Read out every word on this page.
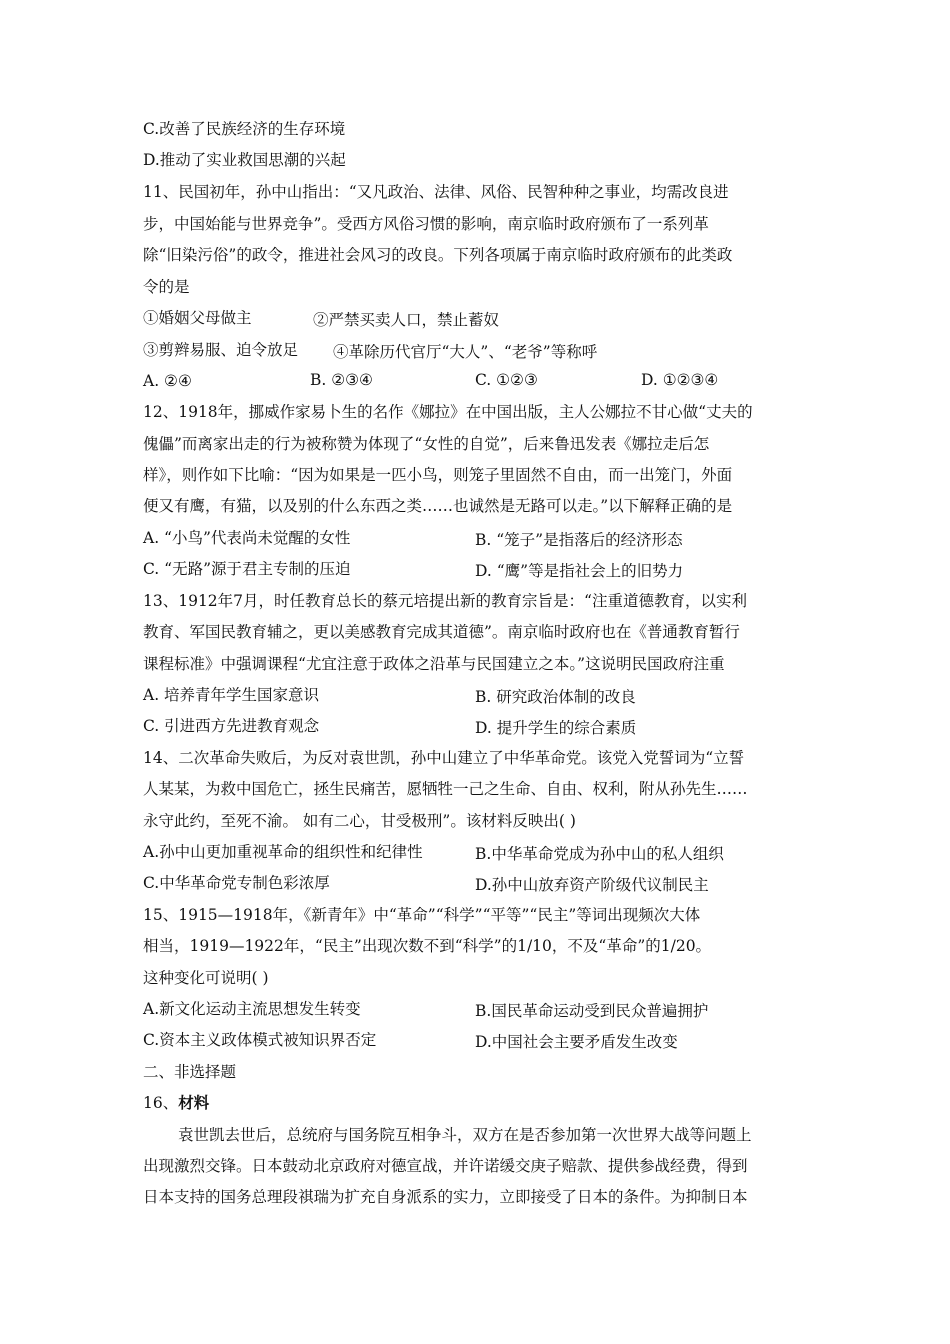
C.改善了民族经济的生存环境
D.推动了实业救国思潮的兴起
11、民国初年，孙中山指出：“又凡政治、法律、风俗、民智种种之事业，均需改良进
步，中国始能与世界竞争”。受西方风俗习惯的影响，南京临时政府颁布了一系列革
除“旧染污俗”的政令，推进社会风习的改良。下列各项属于南京临时政府颁布的此类政
令的是
①婚姻父母做主	②严禁买卖人口，禁止蓄奴
③剪辫易服、迫令放足 ④革除历代官厅“大人”、“老爷”等称呼
A. ②④	B. ②③④	C. ①②③	D. ①②③④
12、1918年，挪威作家易卜生的名作《娜拉》在中国出版，主人公娜拉不甘心做“丈夫的
傀儡”而离家出走的行为被称赞为体现了“女性的自觉”，后来鲁迅发表《娜拉走后怎
样》，则作如下比喻：“因为如果是一匹小鸟，则笼子里固然不自由，而一出笼门，外面
便又有鹰，有猫，以及别的什么东西之类……也诚然是无路可以走。”以下解释正确的是
A. “小鸟”代表尚未觉醒的女性	B. “笼子”是指落后的经济形态
C. “无路”源于君主专制的压迫	D. “鹰”等是指社会上的旧势力
13、1912年7月，时任教育总长的蔡元培提出新的教育宗旨是：“注重道德教育，以实利
教育、军国民教育辅之，更以美感教育完成其道德”。南京临时政府也在《普通教育暂行
课程标准》中强调课程“尤宜注意于政体之沿革与民国建立之本。”这说明民国政府注重
A. 培养青年学生国家意识	B. 研究政治体制的改良
C. 引进西方先进教育观念	D. 提升学生的综合素质
14、二次革命失败后，为反对袁世凯，孙中山建立了中华革命党。该党入党誓词为“立誓
人某某，为救中国危亡，拯生民痛苦，愿牺牲一己之生命、自由、权利，附从孙先生……
永守此约，至死不渝。 如有二心，甘受极刑”。该材料反映出( )
A.孙中山更加重视革命的组织性和纪律性	B.中华革命党成为孙中山的私人组织
C.中华革命党专制色彩浓厚	D.孙中山放弃资产阶级代议制民主
15、1915—1918年，《新青年》中“革命”“科学”“平等”“民主”等词出现频次大体
相当，1919—1922年，“民主”出现次数不到“科学”的1/10，不及“革命”的1/20。
这种变化可说明( )
A.新文化运动主流思想发生转变	B.国民革命运动受到民众普遍拥护
C.资本主义政体模式被知识界否定	D.中国社会主要矛盾发生改变
二、非选择题
16、材料
袁世凯去世后，总统府与国务院互相争斗，双方在是否参加第一次世界大战等问题上
出现激烈交锋。日本鼓动北京政府对德宣战，并许诺缓交庚子赔款、提供参战经费，得到
日本支持的国务总理段祺瑞为扩充自身派系的实力，立即接受了日本的条件。为抑制日本
